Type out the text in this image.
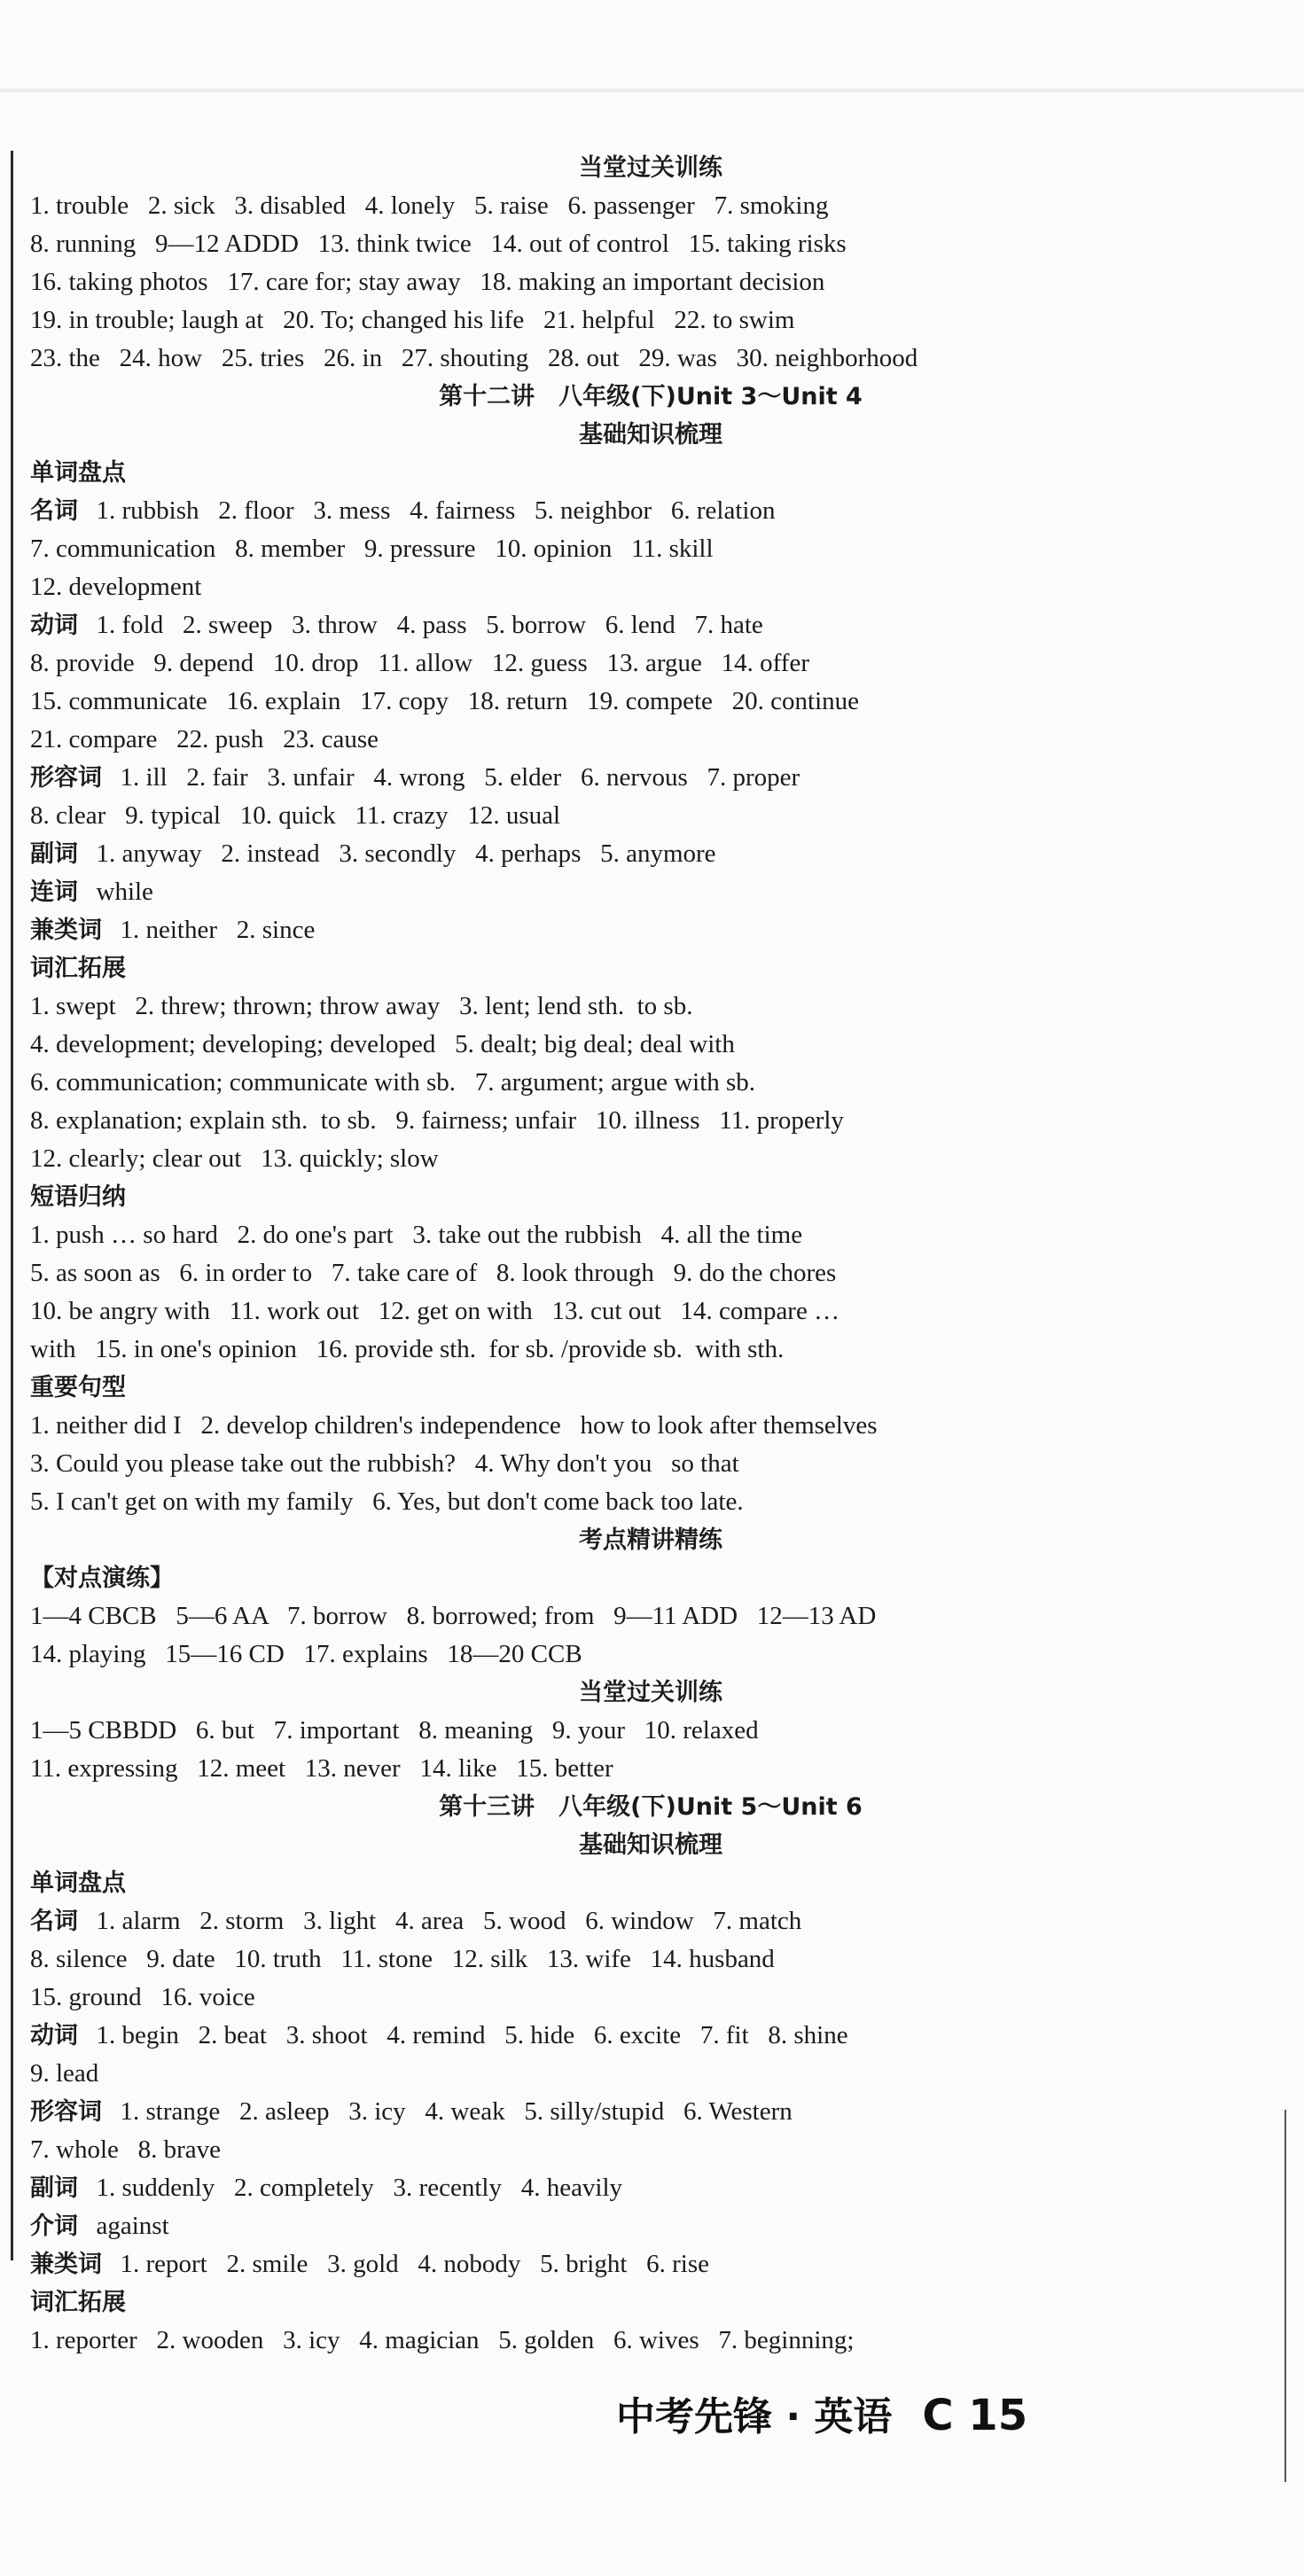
当堂过关训练
1. trouble   2. sick   3. disabled   4. lonely   5. raise   6. passenger   7. smoking
8. running   9—12 ADDD   13. think twice   14. out of control   15. taking risks
16. taking photos   17. care for; stay away   18. making an important decision
19. in trouble; laugh at   20. To; changed his life   21. helpful   22. to swim
23. the   24. how   25. tries   26. in   27. shouting   28. out   29. was   30. neighborhood
第十二讲　八年级(下)Unit 3～Unit 4
基础知识梳理
单词盘点
名词 1. rubbish   2. floor   3. mess   4. fairness   5. neighbor   6. relation
7. communication   8. member   9. pressure   10. opinion   11. skill
12. development
动词 1. fold   2. sweep   3. throw   4. pass   5. borrow   6. lend   7. hate
8. provide   9. depend   10. drop   11. allow   12. guess   13. argue   14. offer
15. communicate   16. explain   17. copy   18. return   19. compete   20. continue
21. compare   22. push   23. cause
形容词 1. ill   2. fair   3. unfair   4. wrong   5. elder   6. nervous   7. proper
8. clear   9. typical   10. quick   11. crazy   12. usual
副词 1. anyway   2. instead   3. secondly   4. perhaps   5. anymore
连词 while
兼类词 1. neither   2. since
词汇拓展
1. swept   2. threw; thrown; throw away   3. lent; lend sth.  to sb.
4. development; developing; developed   5. dealt; big deal; deal with
6. communication; communicate with sb.   7. argument; argue with sb.
8. explanation; explain sth.  to sb.   9. fairness; unfair   10. illness   11. properly
12. clearly; clear out   13. quickly; slow
短语归纳
1. push … so hard   2. do one's part   3. take out the rubbish   4. all the time
5. as soon as   6. in order to   7. take care of   8. look through   9. do the chores
10. be angry with   11. work out   12. get on with   13. cut out   14. compare …
with   15. in one's opinion   16. provide sth.  for sb. /provide sb.  with sth.
重要句型
1. neither did I   2. develop children's independence   how to look after themselves
3. Could you please take out the rubbish?   4. Why don't you   so that
5. I can't get on with my family   6. Yes, but don't come back too late.
考点精讲精练
【对点演练】
1—4 CBCB   5—6 AA   7. borrow   8. borrowed; from   9—11 ADD   12—13 AD
14. playing   15—16 CD   17. explains   18—20 CCB
当堂过关训练
1—5 CBBDD   6. but   7. important   8. meaning   9. your   10. relaxed
11. expressing   12. meet   13. never   14. like   15. better
第十三讲　八年级(下)Unit 5～Unit 6
基础知识梳理
单词盘点
名词 1. alarm   2. storm   3. light   4. area   5. wood   6. window   7. match
8. silence   9. date   10. truth   11. stone   12. silk   13. wife   14. husband
15. ground   16. voice
动词 1. begin   2. beat   3. shoot   4. remind   5. hide   6. excite   7. fit   8. shine
9. lead
形容词 1. strange   2. asleep   3. icy   4. weak   5. silly/stupid   6. Western
7. whole   8. brave
副词 1. suddenly   2. completely   3. recently   4. heavily
介词 against
兼类词 1. report   2. smile   3. gold   4. nobody   5. bright   6. rise
词汇拓展
1. reporter   2. wooden   3. icy   4. magician   5. golden   6. wives   7. beginning;
中考先锋 · 英语 C 15
